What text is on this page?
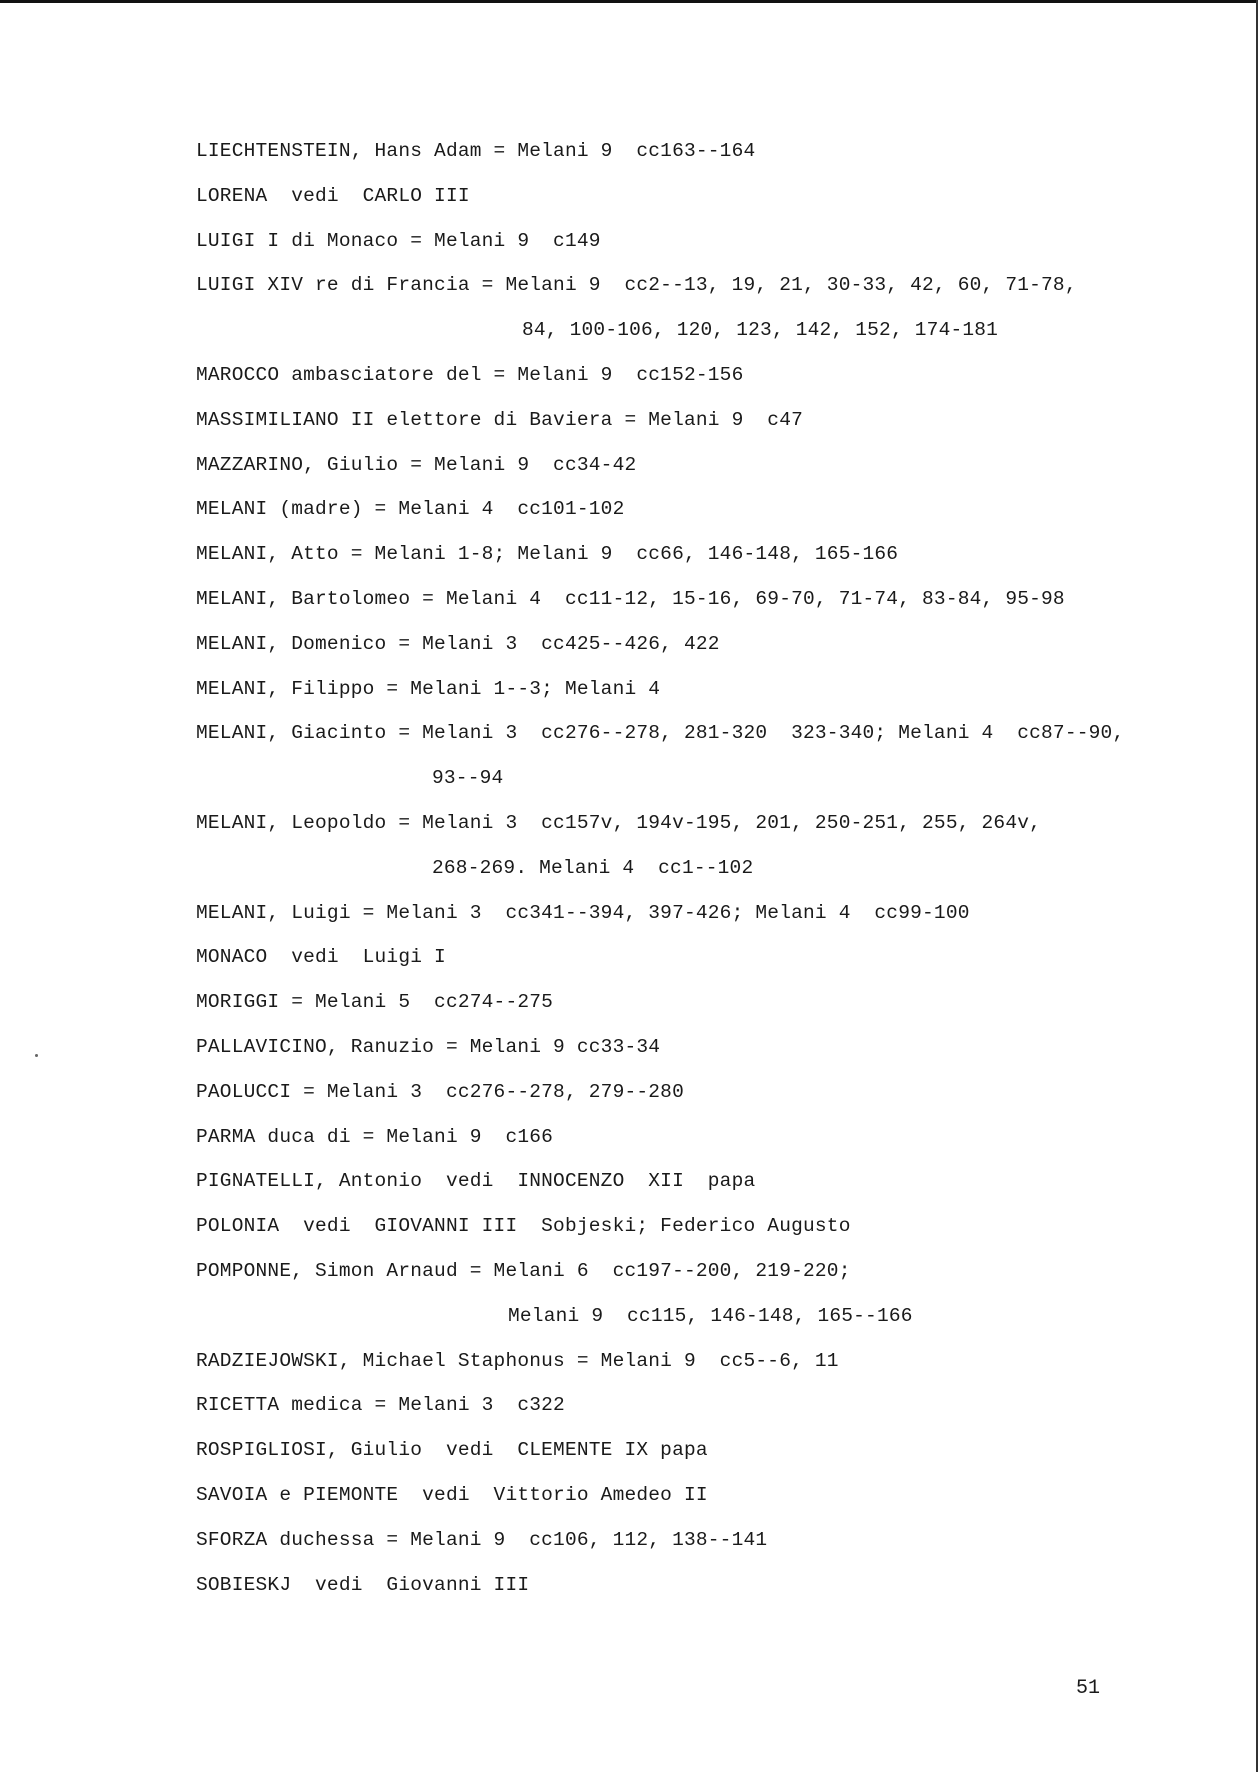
LIECHTENSTEIN, Hans Adam = Melani 9  cc163--164
LORENA  vedi  CARLO III
LUIGI I di Monaco = Melani 9  c149
LUIGI XIV re di Francia = Melani 9  cc2--13, 19, 21, 30-33, 42, 60, 71-78,
84, 100-106, 120, 123, 142, 152, 174-181
MAROCCO ambasciatore del = Melani 9  cc152-156
MASSIMILIANO II elettore di Baviera = Melani 9  c47
MAZZARINO, Giulio = Melani 9  cc34-42
MELANI (madre) = Melani 4  cc101-102
MELANI, Atto = Melani 1-8; Melani 9  cc66, 146-148, 165-166
MELANI, Bartolomeo = Melani 4  cc11-12, 15-16, 69-70, 71-74, 83-84, 95-98
MELANI, Domenico = Melani 3  cc425--426, 422
MELANI, Filippo = Melani 1--3; Melani 4
MELANI, Giacinto = Melani 3  cc276--278, 281-320  323-340; Melani 4  cc87--90,
93--94
MELANI, Leopoldo = Melani 3  cc157v, 194v-195, 201, 250-251, 255, 264v,
268-269. Melani 4  cc1--102
MELANI, Luigi = Melani 3  cc341--394, 397-426; Melani 4  cc99-100
MONACO  vedi  Luigi I
MORIGGI = Melani 5  cc274--275
PALLAVICINO, Ranuzio = Melani 9 cc33-34
PAOLUCCI = Melani 3  cc276--278, 279--280
PARMA duca di = Melani 9  c166
PIGNATELLI, Antonio  vedi  INNOCENZO  XII  papa
POLONIA  vedi  GIOVANNI III  Sobjeski; Federico Augusto
POMPONNE, Simon Arnaud = Melani 6  cc197--200, 219-220;
Melani 9  cc115, 146-148, 165--166
RADZIEJOWSKI, Michael Staphonus = Melani 9  cc5--6, 11
RICETTA medica = Melani 3  c322
ROSPIGLIOSI, Giulio  vedi  CLEMENTE IX papa
SAVOIA e PIEMONTE  vedi  Vittorio Amedeo II
SFORZA duchessa = Melani 9  cc106, 112, 138--141
SOBIESKJ  vedi  Giovanni III
51
